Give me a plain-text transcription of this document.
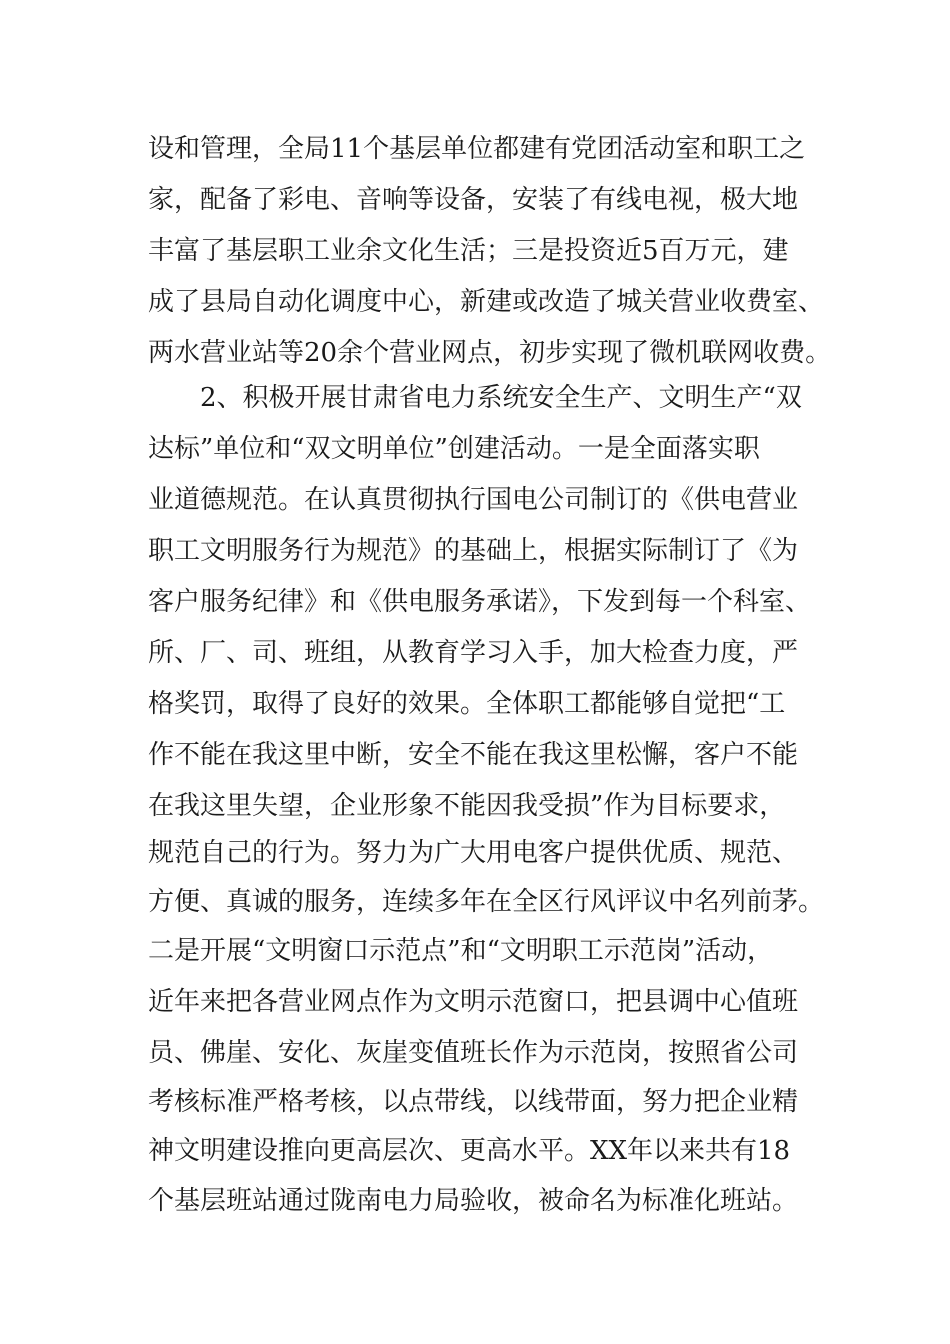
设和管理，全局11个基层单位都建有党团活动室和职工之
家，配备了彩电、音响等设备，安装了有线电视，极大地
丰富了基层职工业余文化生活；三是投资近5百万元，建
成了县局自动化调度中心，新建或改造了城关营业收费室、
两水营业站等20余个营业网点，初步实现了微机联网收费。
2、积极开展甘肃省电力系统安全生产、文明生产“双
达标”单位和“双文明单位”创建活动。一是全面落实职
业道德规范。在认真贯彻执行国电公司制订的《供电营业
职工文明服务行为规范》的基础上，根据实际制订了《为
客户服务纪律》和《供电服务承诺》，下发到每一个科室、
所、厂、司、班组，从教育学习入手，加大检查力度，严
格奖罚，取得了良好的效果。全体职工都能够自觉把“工
作不能在我这里中断，安全不能在我这里松懈，客户不能
在我这里失望，企业形象不能因我受损”作为目标要求，
规范自己的行为。努力为广大用电客户提供优质、规范、
方便、真诚的服务，连续多年在全区行风评议中名列前茅。
二是开展“文明窗口示范点”和“文明职工示范岗”活动，
近年来把各营业网点作为文明示范窗口，把县调中心值班
员、佛崖、安化、灰崖变值班长作为示范岗，按照省公司
考核标准严格考核，以点带线，以线带面，努力把企业精
神文明建设推向更高层次、更高水平。XX年以来共有18
个基层班站通过陇南电力局验收，被命名为标准化班站。
